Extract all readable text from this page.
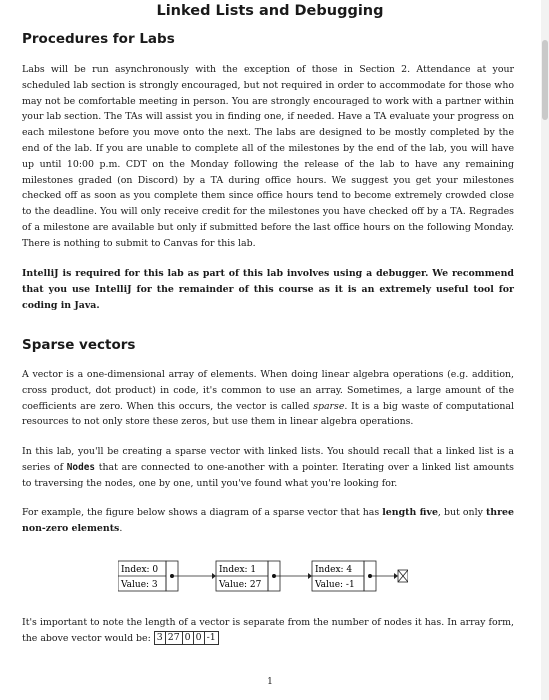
Linked Lists and Debugging
Procedures for Labs
Labs will be run asynchronously with the exception of those in Section 2. Attendance at your scheduled lab section is strongly encouraged, but not required in order to accommodate for those who may not be comfortable meeting in person. You are strongly encouraged to work with a partner within your lab section. The TAs will assist you in finding one, if needed. Have a TA evaluate your progress on each milestone before you move onto the next. The labs are designed to be mostly completed by the end of the lab. If you are unable to complete all of the milestones by the end of the lab, you will have up until 10:00 p.m. CDT on the Monday following the release of the lab to have any remaining milestones graded (on Discord) by a TA during office hours. We suggest you get your milestones checked off as soon as you complete them since office hours tend to become extremely crowded close to the deadline. You will only receive credit for the milestones you have checked off by a TA. Regrades of a milestone are available but only if submitted before the last office hours on the following Monday. There is nothing to submit to Canvas for this lab.
IntelliJ is required for this lab as part of this lab involves using a debugger. We recommend that you use IntelliJ for the remainder of this course as it is an extremely useful tool for coding in Java.
Sparse vectors
A vector is a one-dimensional array of elements. When doing linear algebra operations (e.g. addition, cross product, dot product) in code, it's common to use an array. Sometimes, a large amount of the coefficients are zero. When this occurs, the vector is called sparse. It is a big waste of computational resources to not only store these zeros, but use them in linear algebra operations.
In this lab, you'll be creating a sparse vector with linked lists. You should recall that a linked list is a series of Nodes that are connected to one-another with a pointer. Iterating over a linked list amounts to traversing the nodes, one by one, until you've found what you're looking for.
For example, the figure below shows a diagram of a sparse vector that has length five, but only three non-zero elements.
Index: 0
Value: 3
Index: 1
Value: 27
Index: 4
Value: -1
It's important to note the length of a vector is separate from the number of nodes it has. In array form, the above vector would be: 3 27 0 0 -1
1
